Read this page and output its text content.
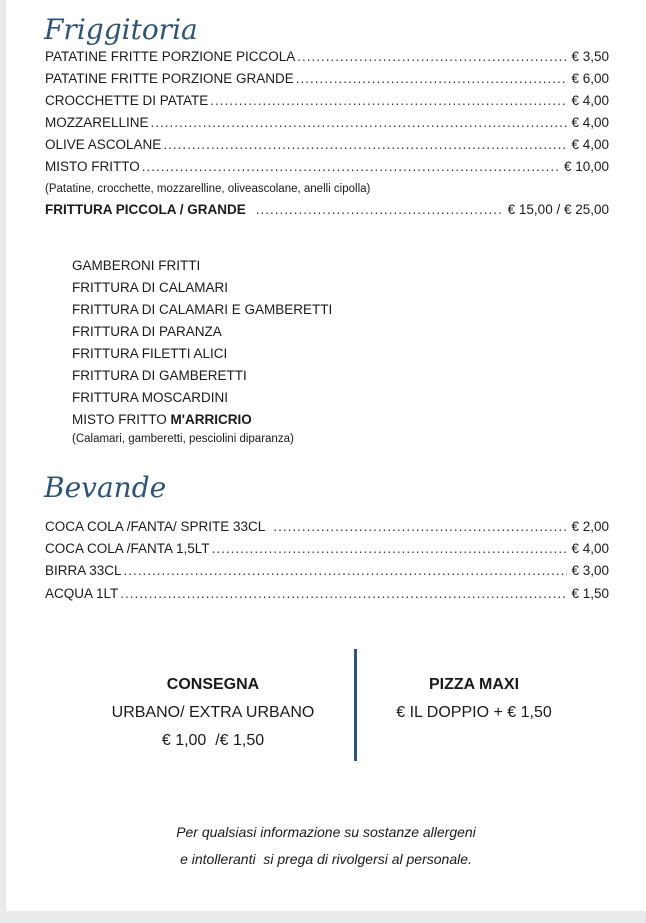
Friggitoria
PATATINE FRITTE PORZIONE PICCOLA .....	€ 3,50
PATATINE FRITTE PORZIONE GRANDE .....	€ 6,00
CROCCHETTE DI PATATE .....	€ 4,00
MOZZARELLINE .....	€ 4,00
OLIVE ASCOLANE .....	€ 4,00
MISTO FRITTO .....	€ 10,00
(Patatine, crocchette, mozzarelline, oliveascolane, anelli cipolla)
FRITTURA PICCOLA / GRANDE .....	€ 15,00 / € 25,00
GAMBERONI FRITTI
FRITTURA DI CALAMARI
FRITTURA DI CALAMARI E GAMBERETTI
FRITTURA DI PARANZA
FRITTURA FILETTI ALICI
FRITTURA DI GAMBERETTI
FRITTURA MOSCARDINI
MISTO FRITTO M'ARRICRIO
(Calamari, gamberetti, pesciolini diparanza)
Bevande
COCA COLA /FANTA/ SPRITE 33CL .....	€ 2,00
COCA COLA /FANTA 1,5LT .....	€ 4,00
BIRRA 33CL .....	€ 3,00
ACQUA 1LT .....	€ 1,50
CONSEGNA
URBANO/ EXTRA URBANO
€ 1,00  /€ 1,50
PIZZA MAXI
€ IL DOPPIO + € 1,50
Per qualsiasi informazione su sostanze allergeni
e intolleranti  si prega di rivolgersi al personale.
